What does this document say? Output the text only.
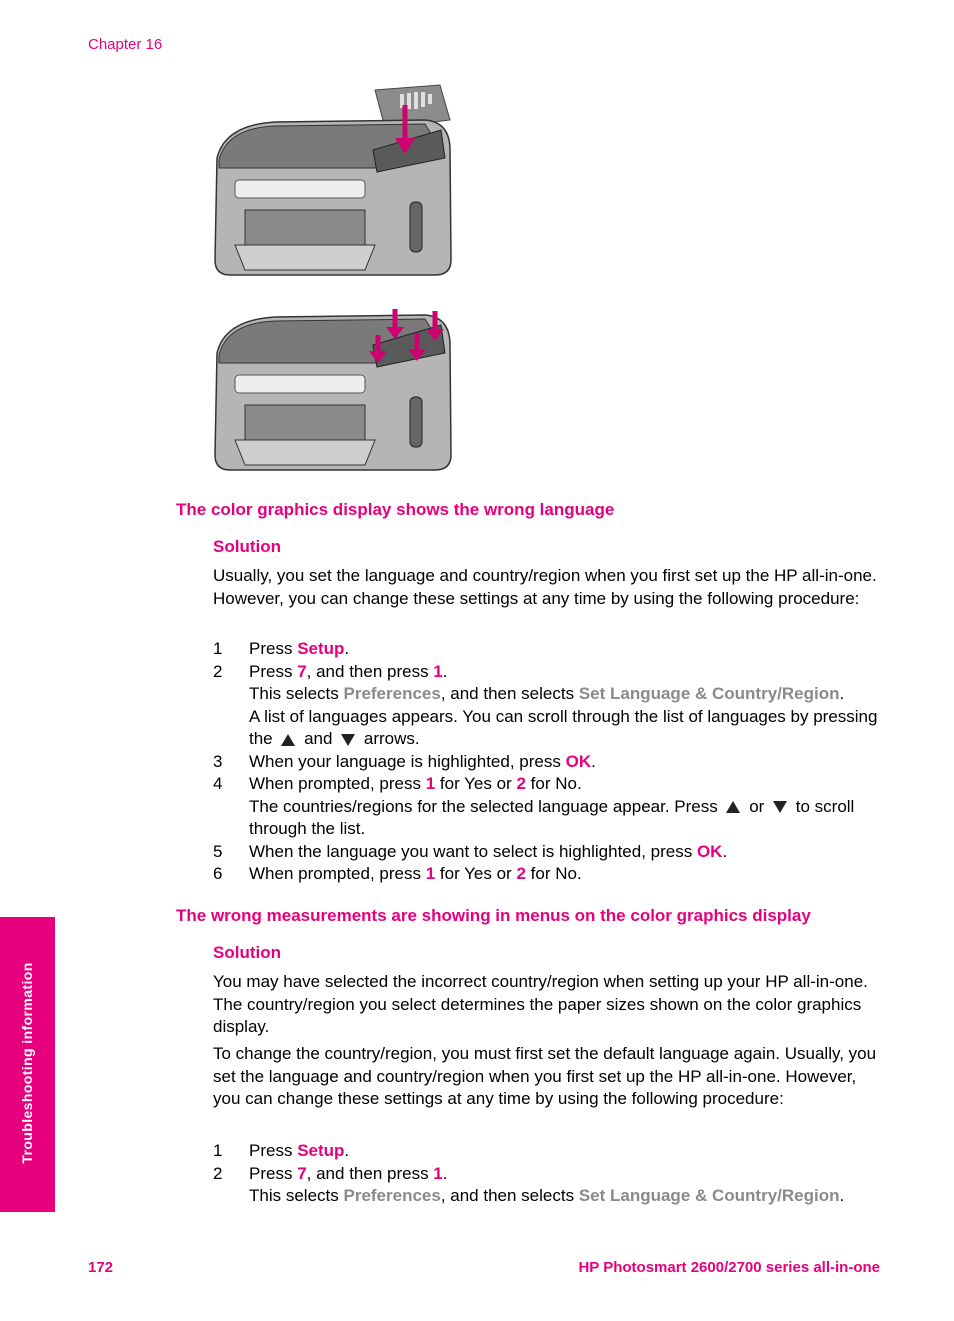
Chapter 16
The color graphics display shows the wrong language
Solution
Usually, you set the language and country/region when you first set up the HP all-in-one. However, you can change these settings at any time by using the following procedure:
1 Press Setup.
2 Press 7, and then press 1.
This selects Preferences, and then selects Set Language & Country/Region.
A list of languages appears. You can scroll through the list of languages by pressing the  and  arrows.
3 When your language is highlighted, press OK.
4 When prompted, press 1 for Yes or 2 for No.
The countries/regions for the selected language appear. Press  or  to scroll through the list.
5 When the language you want to select is highlighted, press OK.
6 When prompted, press 1 for Yes or 2 for No.
The wrong measurements are showing in menus on the color graphics display
Solution
You may have selected the incorrect country/region when setting up your HP all-in-one. The country/region you select determines the paper sizes shown on the color graphics display.
To change the country/region, you must first set the default language again. Usually, you set the language and country/region when you first set up the HP all-in-one. However, you can change these settings at any time by using the following procedure:
1 Press Setup.
2 Press 7, and then press 1.
This selects Preferences, and then selects Set Language & Country/Region.
Troubleshooting information
172	HP Photosmart 2600/2700 series all-in-one
